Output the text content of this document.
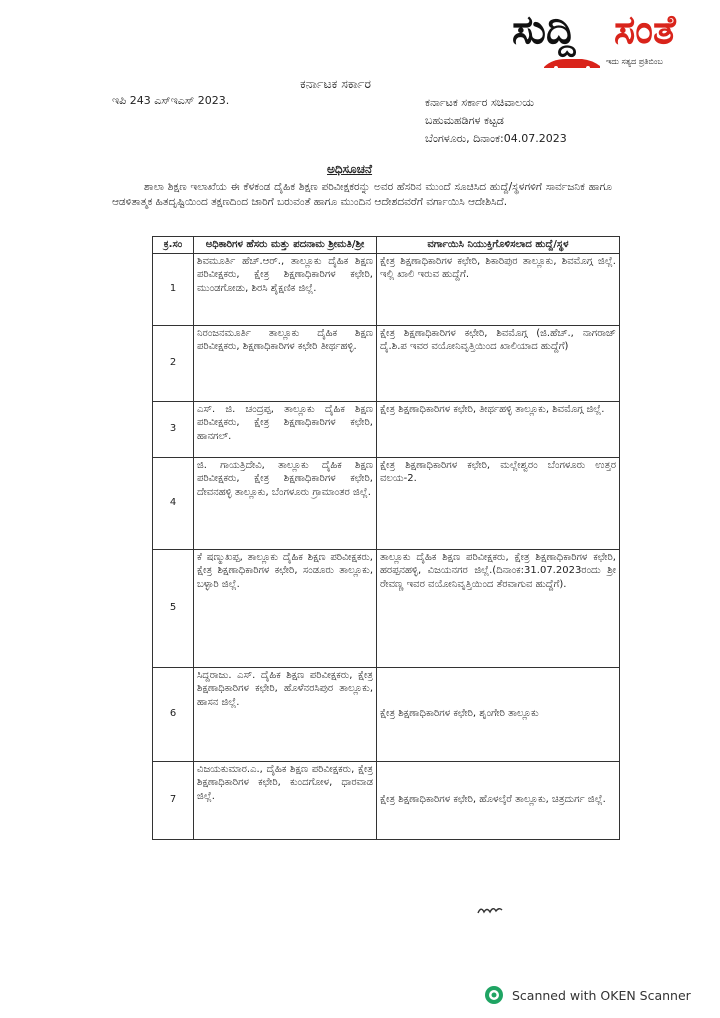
ಸುದ್ದಿ ಸಂತೆ
ಇದು ಸತ್ಯದ ಪ್ರತಿಬಿಂಬ
ಕರ್ನಾಟಕ ಸರ್ಕಾರ
ಇಪಿ 243 ಎಸ್‌ಇಎಸ್ 2023.	ಕರ್ನಾಟಕ ಸರ್ಕಾರ ಸಚಿವಾಲಯ
ಬಹುಮಹಡಿಗಳ ಕಟ್ಟಡ
ಬೆಂಗಳೂರು, ದಿನಾಂಕ:04.07.2023
ಅಧಿಸೂಚನೆ
ಶಾಲಾ ಶಿಕ್ಷಣ ಇಲಾಖೆಯ ಈ ಕೆಳಕಂಡ ದೈಹಿಕ ಶಿಕ್ಷಣ ಪರಿವೀಕ್ಷಕರನ್ನು ಅವರ ಹೆಸರಿನ ಮುಂದೆ ಸೂಚಿಸಿದ ಹುದ್ದೆ/ಸ್ಥಳಗಳಿಗೆ ಸಾರ್ವಜನಿಕ ಹಾಗೂ ಆಡಳಿತಾತ್ಮಕ ಹಿತದೃಷ್ಟಿಯಿಂದ ತಕ್ಷಣದಿಂದ ಜಾರಿಗೆ ಬರುವಂತೆ ಹಾಗೂ ಮುಂದಿನ ಆದೇಶದವರೆಗೆ ವರ್ಗಾಯಿಸಿ ಆದೇಶಿಸಿದೆ.
ಕ್ರ.ಸಂ	ಅಧಿಕಾರಿಗಳ ಹೆಸರು ಮತ್ತು ಪದನಾಮ ಶ್ರೀಮತಿ/ಶ್ರೀ	ವರ್ಗಾಯಿಸಿ ನಿಯುಕ್ತಿಗೊಳಿಸಲಾದ ಹುದ್ದೆ/ಸ್ಥಳ
1	ಶಿವಮೂರ್ತಿ ಹೆಚ್.ಆರ್., ತಾಲ್ಲೂಕು ದೈಹಿಕ ಶಿಕ್ಷಣ ಪರಿವೀಕ್ಷಕರು, ಕ್ಷೇತ್ರ ಶಿಕ್ಷಣಾಧಿಕಾರಿಗಳ ಕಛೇರಿ, ಮುಂಡಗೋಡು, ಶಿರಸಿ ಶೈಕ್ಷಣಿಕ ಜಿಲ್ಲೆ.	ಕ್ಷೇತ್ರ ಶಿಕ್ಷಣಾಧಿಕಾರಿಗಳ ಕಛೇರಿ, ಶಿಕಾರಿಪುರ ತಾಲ್ಲೂಕು, ಶಿವಮೊಗ್ಗ ಜಿಲ್ಲೆ. ಇಲ್ಲಿ ಖಾಲಿ ಇರುವ ಹುದ್ದೆಗೆ.
2	ನಿರಂಜನಮೂರ್ತಿ ತಾಲ್ಲೂಕು ದೈಹಿಕ ಶಿಕ್ಷಣ ಪರಿವೀಕ್ಷಕರು, ಶಿಕ್ಷಣಾಧಿಕಾರಿಗಳ ಕಛೇರಿ ತೀರ್ಥಹಳ್ಳಿ.	ಕ್ಷೇತ್ರ ಶಿಕ್ಷಣಾಧಿಕಾರಿಗಳ ಕಛೇರಿ, ಶಿವಮೊಗ್ಗ (ಜಿ.ಹೆಚ್., ನಾಗರಾಜ್ ದೈ.ಶಿ.ಪ ಇವರ ವಯೋನಿವೃತ್ತಿಯಿಂದ ಖಾಲಿಯಾದ ಹುದ್ದೆಗೆ)
3	ಎಸ್. ಜಿ. ಚಂದ್ರಪ್ಪ, ತಾಲ್ಲೂಕು ದೈಹಿಕ ಶಿಕ್ಷಣ ಪರಿವೀಕ್ಷಕರು, ಕ್ಷೇತ್ರ ಶಿಕ್ಷಣಾಧಿಕಾರಿಗಳ ಕಛೇರಿ, ಹಾನಗಲ್.	ಕ್ಷೇತ್ರ ಶಿಕ್ಷಣಾಧಿಕಾರಿಗಳ ಕಛೇರಿ, ತೀರ್ಥಹಳ್ಳಿ ತಾಲ್ಲೂಕು, ಶಿವಮೊಗ್ಗ ಜಿಲ್ಲೆ.
4	ಜಿ. ಗಾಯತ್ರಿದೇವಿ, ತಾಲ್ಲೂಕು ದೈಹಿಕ ಶಿಕ್ಷಣ ಪರಿವೀಕ್ಷಕರು, ಕ್ಷೇತ್ರ ಶಿಕ್ಷಣಾಧಿಕಾರಿಗಳ ಕಛೇರಿ, ದೇವನಹಳ್ಳಿ ತಾಲ್ಲೂಕು, ಬೆಂಗಳೂರು ಗ್ರಾಮಾಂತರ ಜಿಲ್ಲೆ.	ಕ್ಷೇತ್ರ ಶಿಕ್ಷಣಾಧಿಕಾರಿಗಳ ಕಛೇರಿ, ಮಲ್ಲೇಶ್ವರಂ ಬೆಂಗಳೂರು ಉತ್ತರ ವಲಯ-2.
5	ಕೆ ಷಣ್ಮುಖಪ್ಪ, ತಾಲ್ಲೂಕು ದೈಹಿಕ ಶಿಕ್ಷಣ ಪರಿವೀಕ್ಷಕರು, ಕ್ಷೇತ್ರ ಶಿಕ್ಷಣಾಧಿಕಾರಿಗಳ ಕಛೇರಿ, ಸಂಡೂರು ತಾಲ್ಲೂಕು, ಬಳ್ಳಾರಿ ಜಿಲ್ಲೆ.	ತಾಲ್ಲೂಕು ದೈಹಿಕ ಶಿಕ್ಷಣ ಪರಿವೀಕ್ಷಕರು, ಕ್ಷೇತ್ರ ಶಿಕ್ಷಣಾಧಿಕಾರಿಗಳ ಕಛೇರಿ, ಹರಪ್ಪನಹಳ್ಳಿ, ವಿಜಯನಗರ ಜಿಲ್ಲೆ.(ದಿನಾಂಕ:31.07.2023ರಂದು ಶ್ರೀ ರೇವಣ್ಣ ಇವರ ವಯೋನಿವೃತ್ತಿಯಿಂದ ತೆರವಾಗುವ ಹುದ್ದೆಗೆ).
6	ಸಿದ್ದರಾಜು. ಎಸ್. ದೈಹಿಕ ಶಿಕ್ಷಣ ಪರಿವೀಕ್ಷಕರು, ಕ್ಷೇತ್ರ ಶಿಕ್ಷಣಾಧಿಕಾರಿಗಳ ಕಛೇರಿ, ಹೊಳೆನರಸಿಪುರ ತಾಲ್ಲೂಕು, ಹಾಸನ ಜಿಲ್ಲೆ.	ಕ್ಷೇತ್ರ ಶಿಕ್ಷಣಾಧಿಕಾರಿಗಳ ಕಛೇರಿ, ಶೃಂಗೇರಿ ತಾಲ್ಲೂಕು
7	ವಿಜಯಕುಮಾರ.ಎ., ದೈಹಿಕ ಶಿಕ್ಷಣ ಪರಿವೀಕ್ಷಕರು, ಕ್ಷೇತ್ರ ಶಿಕ್ಷಣಾಧಿಕಾರಿಗಳ ಕಛೇರಿ, ಕುಂದಗೋಳ, ಧಾರವಾಡ ಜಿಲ್ಲೆ.	ಕ್ಷೇತ್ರ ಶಿಕ್ಷಣಾಧಿಕಾರಿಗಳ ಕಛೇರಿ, ಹೊಳಲ್ಕೆರೆ ತಾಲ್ಲೂಕು, ಚಿತ್ರದುರ್ಗ ಜಿಲ್ಲೆ.
Scanned with OKEN Scanner
